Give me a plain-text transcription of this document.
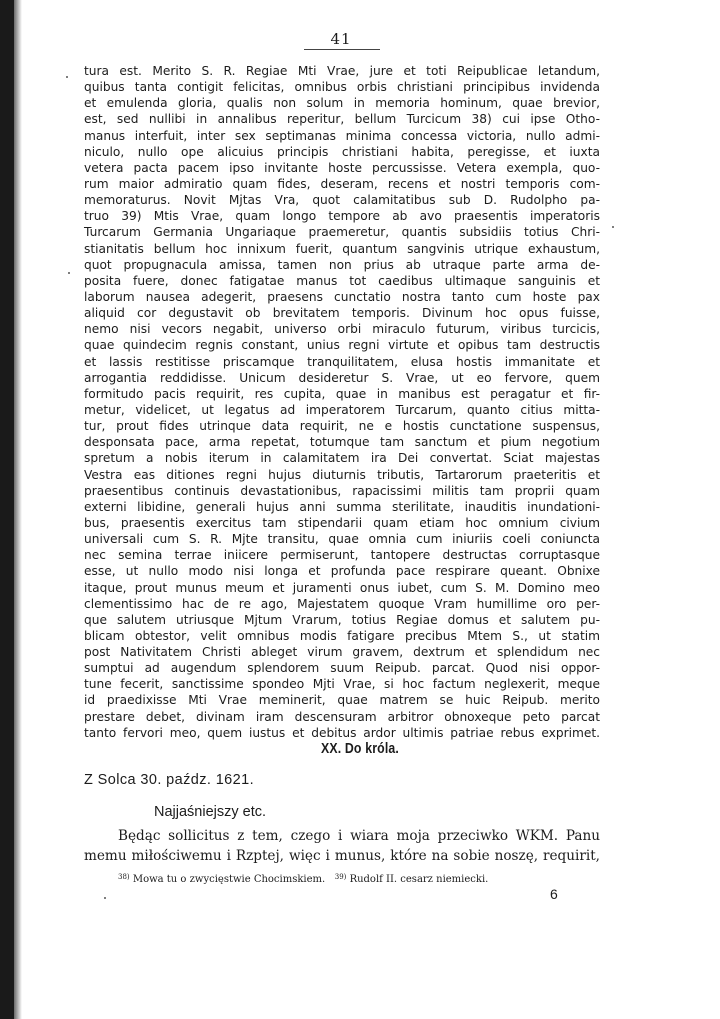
41
tura est. Merito S. R. Regiae Mti Vrae, jure et toti Reipublicae letandum,
quibus tanta contigit felicitas, omnibus orbis christiani principibus invidenda
et emulenda gloria, qualis non solum in memoria hominum, quae brevior,
est, sed nullibi in annalibus reperitur, bellum Turcicum 38) cui ipse Otho-
manus interfuit, inter sex septimanas minima concessa victoria, nullo admi-
niculo, nullo ope alicuius principis christiani habita, peregisse, et iuxta
vetera pacta pacem ipso invitante hoste percussisse. Vetera exempla, quo-
rum maior admiratio quam fides, deseram, recens et nostri temporis com-
memoraturus. Novit Mjtas Vra, quot calamitatibus sub D. Rudolpho pa-
truo 39) Mtis Vrae, quam longo tempore ab avo praesentis imperatoris
Turcarum Germania Ungariaque praemeretur, quantis subsidiis totius Chri-
stianitatis bellum hoc innixum fuerit, quantum sangvinis utrique exhaustum,
quot propugnacula amissa, tamen non prius ab utraque parte arma de-
posita fuere, donec fatigatae manus tot caedibus ultimaque sanguinis et
laborum nausea adegerit, praesens cunctatio nostra tanto cum hoste pax
aliquid cor degustavit ob brevitatem temporis. Divinum hoc opus fuisse,
nemo nisi vecors negabit, universo orbi miraculo futurum, viribus turcicis,
quae quindecim regnis constant, unius regni virtute et opibus tam destructis
et lassis restitisse priscamque tranquilitatem, elusa hostis immanitate et
arrogantia reddidisse. Unicum desideretur S. Vrae, ut eo fervore, quem
formitudo pacis requirit, res cupita, quae in manibus est peragatur et fir-
metur, videlicet, ut legatus ad imperatorem Turcarum, quanto citius mitta-
tur, prout fides utrinque data requirit, ne e hostis cunctatione suspensus,
desponsata pace, arma repetat, totumque tam sanctum et pium negotium
spretum a nobis iterum in calamitatem ira Dei convertat. Sciat majestas
Vestra eas ditiones regni hujus diuturnis tributis, Tartarorum praeteritis et
praesentibus continuis devastationibus, rapacissimi militis tam proprii quam
externi libidine, generali hujus anni summa sterilitate, inauditis inundationi-
bus, praesentis exercitus tam stipendarii quam etiam hoc omnium civium
universali cum S. R. Mjte transitu, quae omnia cum iniuriis coeli coniuncta
nec semina terrae iniicere permiserunt, tantopere destructas corruptasque
esse, ut nullo modo nisi longa et profunda pace respirare queant. Obnixe
itaque, prout munus meum et juramenti onus iubet, cum S. M. Domino meo
clementissimo hac de re ago, Majestatem quoque Vram humillime oro per-
que salutem utriusque Mjtum Vrarum, totius Regiae domus et salutem pu-
blicam obtestor, velit omnibus modis fatigare precibus Mtem S., ut statim
post Nativitatem Christi ableget virum gravem, dextrum et splendidum nec
sumptui ad augendum splendorem suum Reipub. parcat. Quod nisi oppor-
tune fecerit, sanctissime spondeo Mjti Vrae, si hoc factum neglexerit, meque
id praedixisse Mti Vrae meminerit, quae matrem se huic Reipub. merito
prestare debet, divinam iram descensuram arbitror obnoxeque peto parcat
tanto fervori meo, quem iustus et debitus ardor ultimis patriae rebus exprimet.
XX. Do króla.
Z Solca 30. paźdz. 1621.
Najjaśniejszy etc.
Będąc sollicitus z tem, czego i wiara moja przeciwko WKM. Panu
memu miłościwemu i Rzptej, więc i munus, które na sobie noszę, requirit,
$^{38)}$ Mowa tu o zwycięstwie Chocimskiem. $^{39)}$ Rudolf II. cesarz niemiecki.
6
